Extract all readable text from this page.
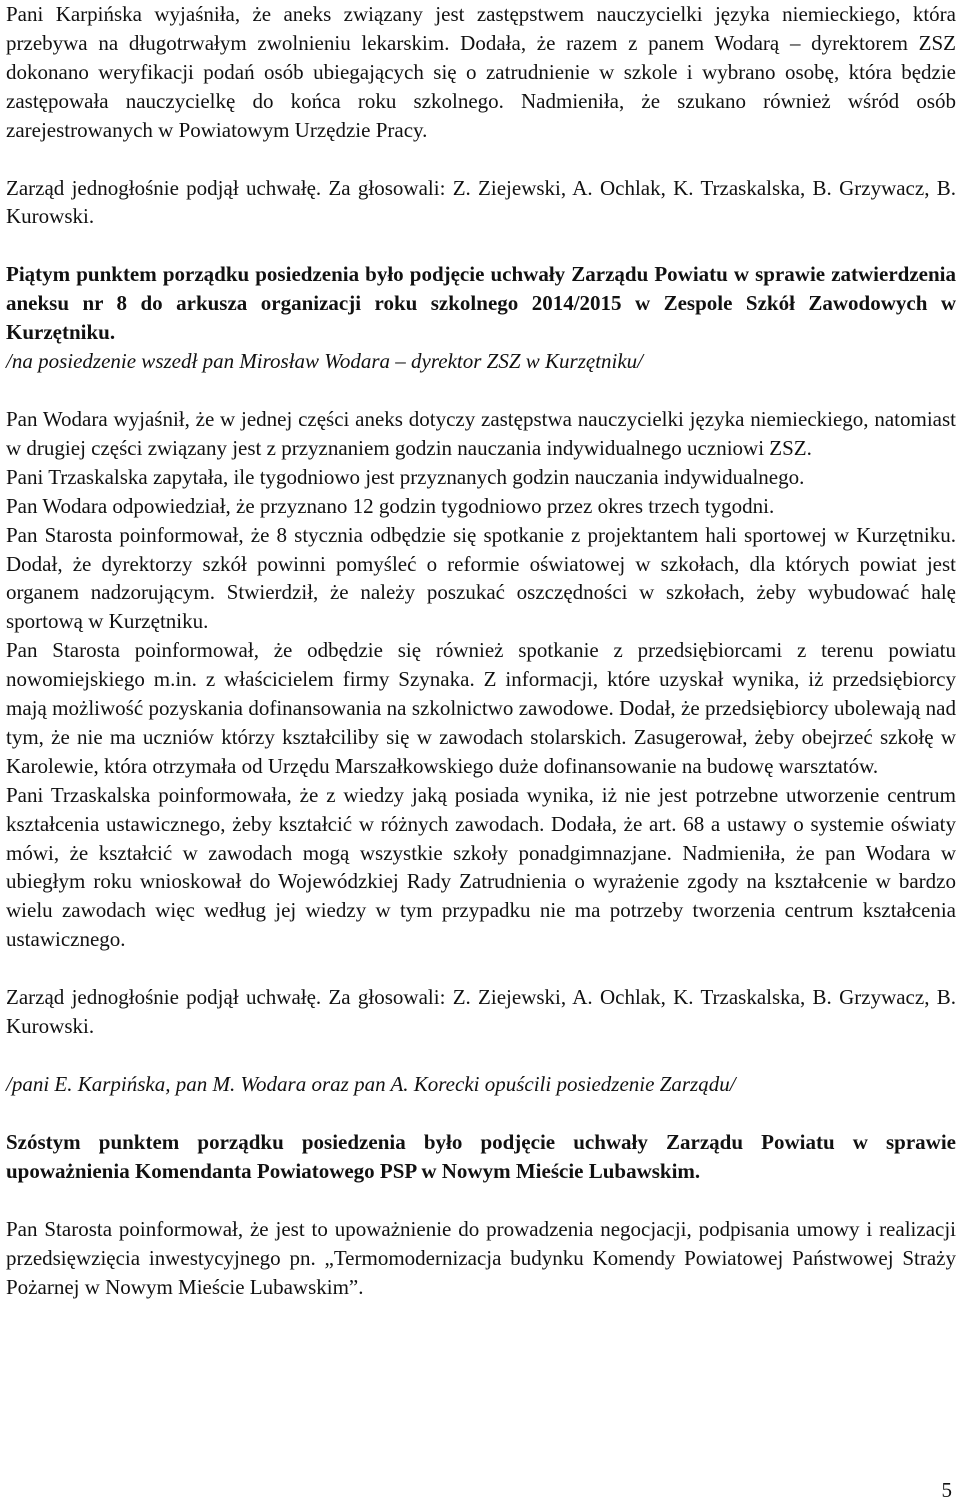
Pani Karpińska wyjaśniła, że aneks związany jest zastępstwem nauczycielki języka niemieckiego, która przebywa na długotrwałym zwolnieniu lekarskim. Dodała, że razem z panem Wodarą – dyrektorem ZSZ dokonano weryfikacji podań osób ubiegających się o zatrudnienie w szkole i wybrano osobę, która będzie zastępowała nauczycielkę do końca roku szkolnego. Nadmieniła, że szukano również wśród osób zarejestrowanych w Powiatowym Urzędzie Pracy.

Zarząd jednogłośnie podjął uchwałę. Za głosowali: Z. Ziejewski, A. Ochlak, K. Trzaskalska, B. Grzywacz, B. Kurowski.

Piątym punktem porządku posiedzenia było podjęcie uchwały Zarządu Powiatu w sprawie zatwierdzenia aneksu nr 8 do arkusza organizacji roku szkolnego 2014/2015 w Zespole Szkół Zawodowych w Kurzętniku.

/na posiedzenie wszedł pan Mirosław Wodara – dyrektor ZSZ w Kurzętniku/

Pan Wodara wyjaśnił, że w jednej części aneks dotyczy zastępstwa nauczycielki języka niemieckiego, natomiast w drugiej części związany jest z przyznaniem godzin nauczania indywidualnego uczniowi ZSZ.

Pani Trzaskalska zapytała, ile tygodniowo jest przyznanych godzin nauczania indywidualnego.

Pan Wodara odpowiedział, że przyznano 12 godzin tygodniowo przez okres trzech tygodni.

Pan Starosta poinformował, że 8 stycznia odbędzie się spotkanie z projektantem hali sportowej w Kurzętniku. Dodał, że dyrektorzy szkół powinni pomyśleć o reformie oświatowej w szkołach, dla których powiat jest organem nadzorującym. Stwierdził, że należy poszukać oszczędności w szkołach, żeby wybudować halę sportową w Kurzętniku.

Pan Starosta poinformował, że odbędzie się również spotkanie z przedsiębiorcami z terenu powiatu nowomiejskiego m.in. z właścicielem firmy Szynaka. Z informacji, które uzyskał wynika, iż przedsiębiorcy mają możliwość pozyskania dofinansowania na szkolnictwo zawodowe. Dodał, że przedsiębiorcy ubolewają nad tym, że nie ma uczniów którzy kształciliby się w zawodach stolarskich. Zasugerował, żeby obejrzeć szkołę w Karolewie, która otrzymała od Urzędu Marszałkowskiego duże dofinansowanie na budowę warsztatów.

Pani Trzaskalska poinformowała, że z wiedzy jaką posiada wynika, iż nie jest potrzebne utworzenie centrum kształcenia ustawicznego, żeby kształcić w różnych zawodach. Dodała, że art. 68 a ustawy o systemie oświaty mówi, że kształcić w zawodach mogą wszystkie szkoły ponadgimnazjane. Nadmieniła, że pan Wodara w ubiegłym roku wnioskował do Wojewódzkiej Rady Zatrudnienia o wyrażenie zgody na kształcenie w bardzo wielu zawodach więc według jej wiedzy w tym przypadku nie ma potrzeby tworzenia centrum kształcenia ustawicznego.

Zarząd jednogłośnie podjął uchwałę. Za głosowali: Z. Ziejewski, A. Ochlak, K. Trzaskalska, B. Grzywacz, B. Kurowski.

/pani E. Karpińska, pan M. Wodara oraz pan A. Korecki opuścili posiedzenie Zarządu/

Szóstym punktem porządku posiedzenia było podjęcie uchwały Zarządu Powiatu w sprawie upoważnienia Komendanta Powiatowego PSP w Nowym Mieście Lubawskim.

Pan Starosta poinformował, że jest to upoważnienie do prowadzenia negocjacji, podpisania umowy i realizacji przedsięwzięcia inwestycyjnego pn. „Termomodernizacja budynku Komendy Powiatowej Państwowej Straży Pożarnej w Nowym Mieście Lubawskim”.

5
